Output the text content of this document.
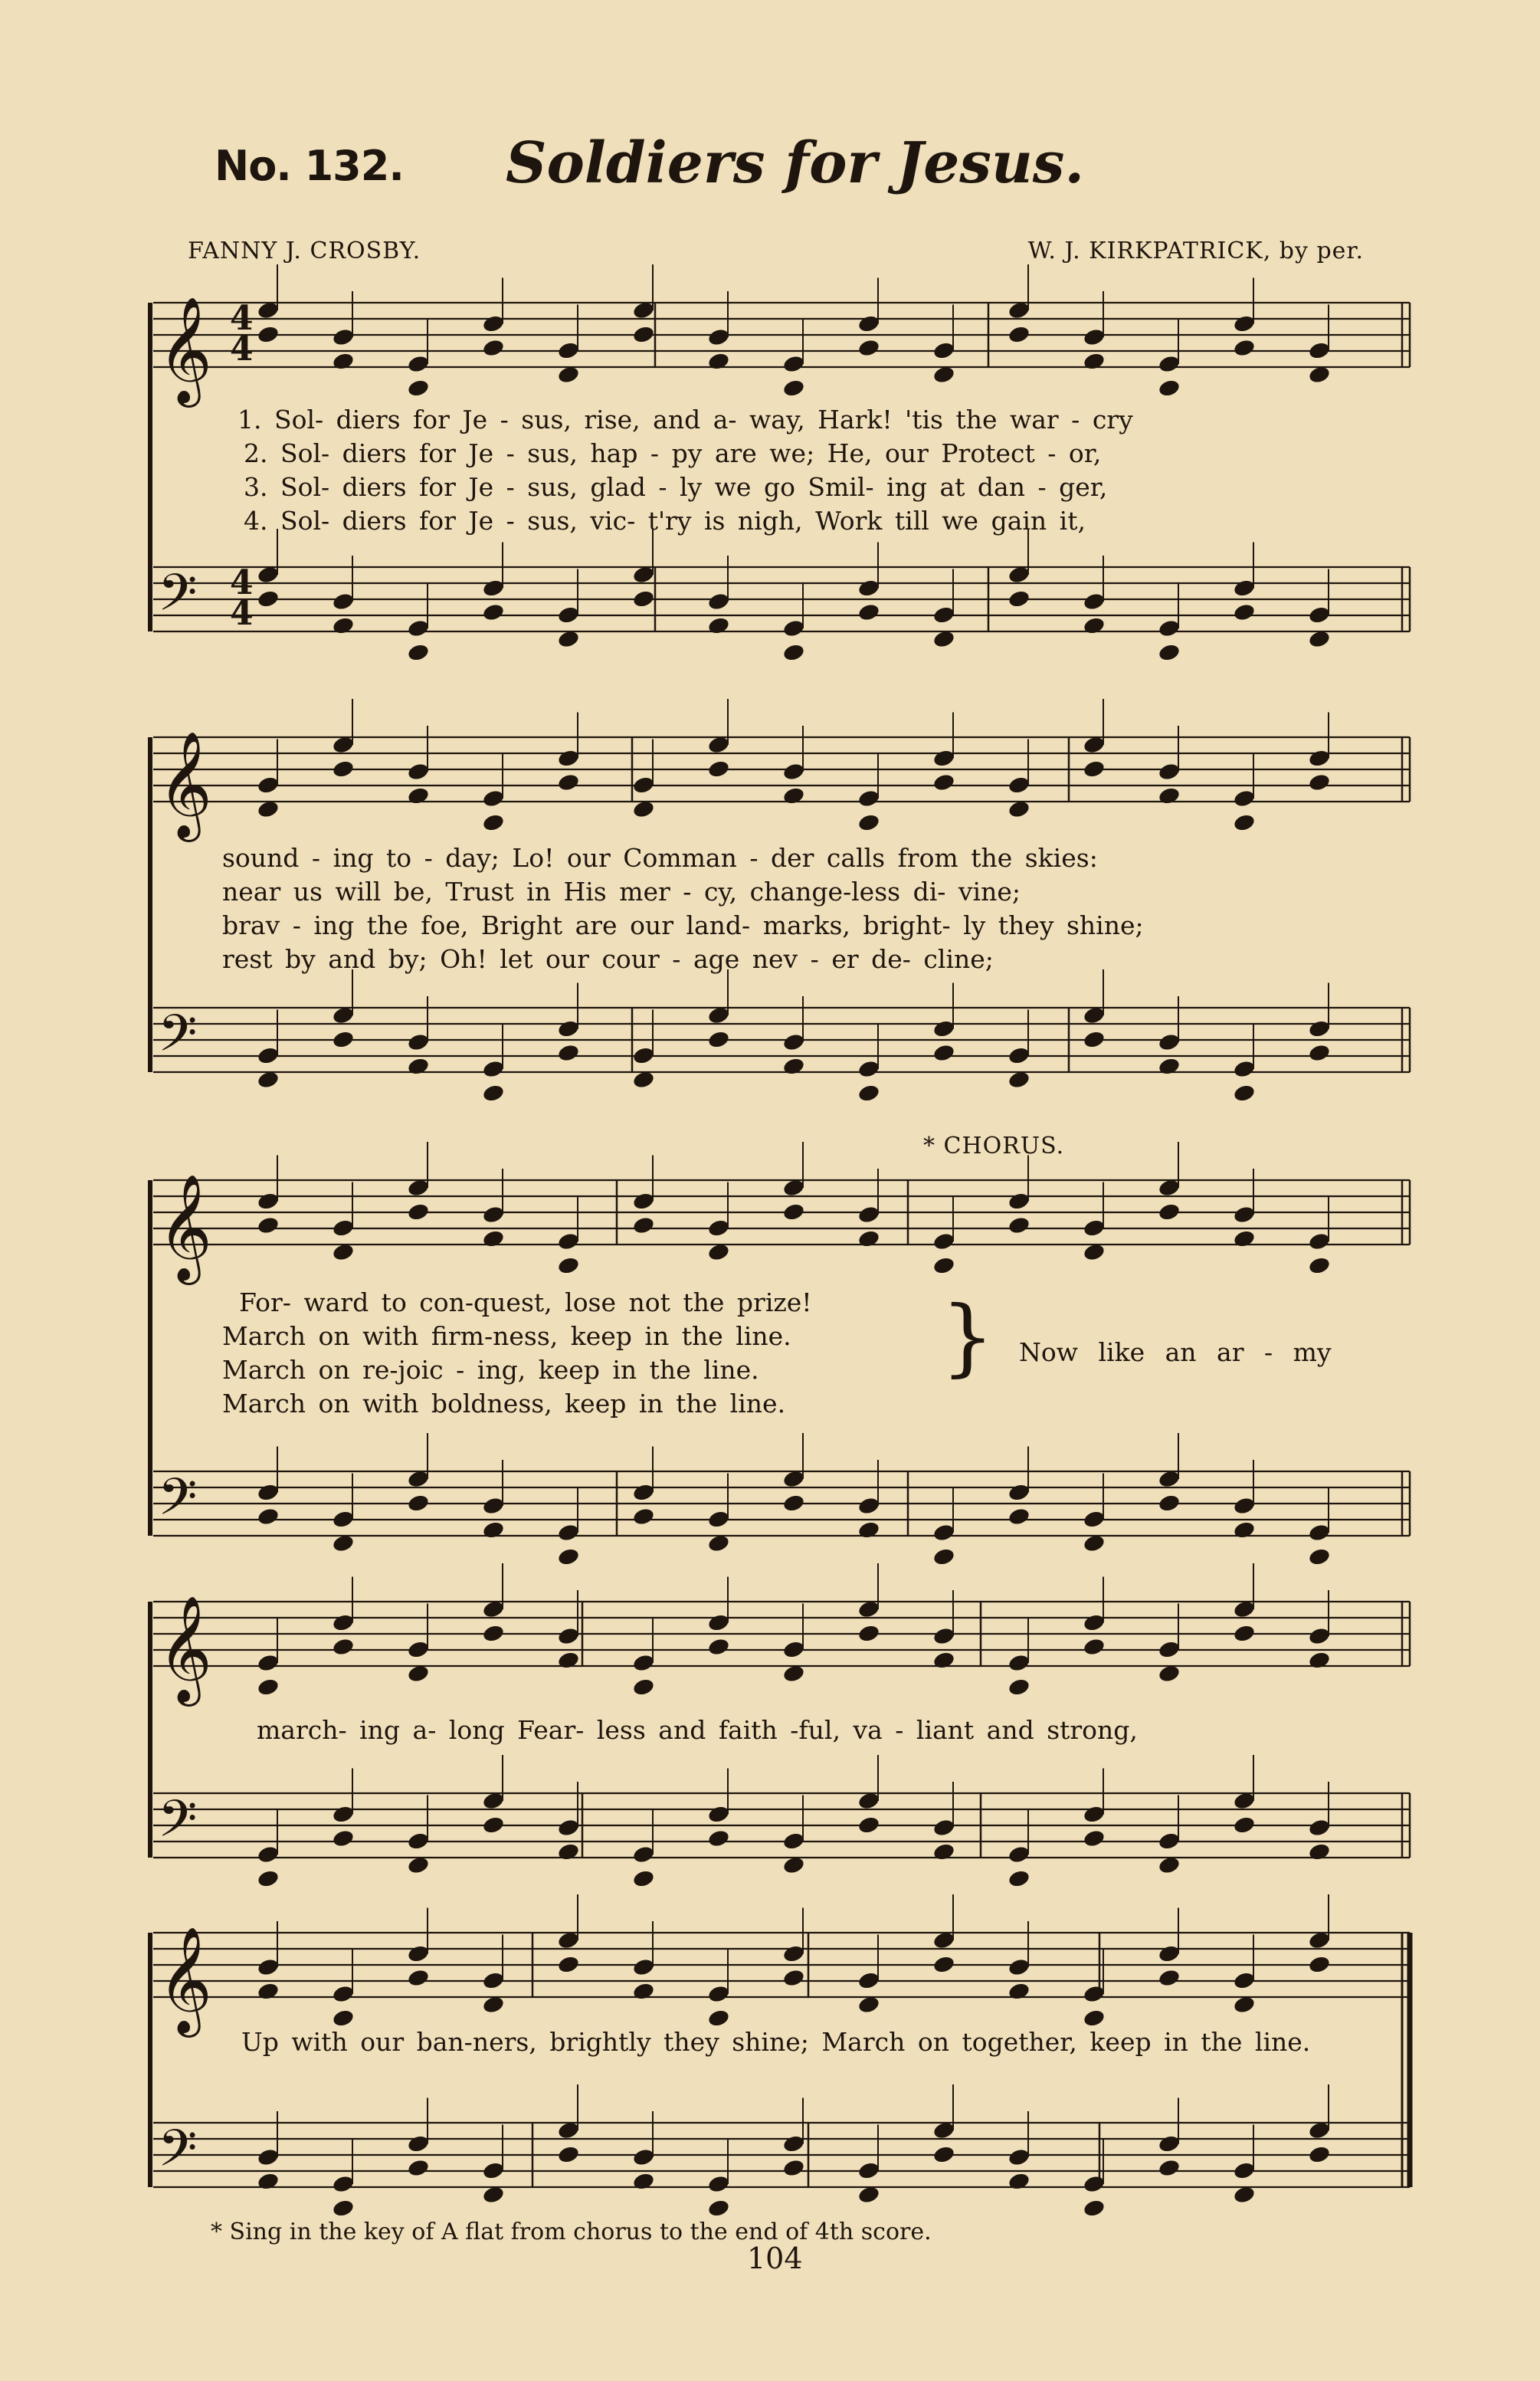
No. 132. Soldiers for Jesus.
FANNY J. CROSBY.	W. J. KIRKPATRICK, by per.
𝄞
𝄢
𝄞
𝄢
𝄞
𝄢
𝄞
𝄢
𝄞
𝄢
4
4
4
4
1. Sol- diers for Je - sus, rise, and a- way, Hark! 'tis the war - cry
2. Sol- diers for Je - sus, hap - py are we; He, our Protect - or,
3. Sol- diers for Je - sus, glad - ly we go Smil- ing at dan - ger,
4. Sol- diers for Je - sus, vic- t'ry is nigh, Work till we gain it,
sound - ing to - day; Lo! our Comman - der calls from the skies:
near us will be, Trust in His mer - cy, change-less di- vine;
brav - ing the foe, Bright are our land- marks, bright- ly they shine;
rest by and by; Oh! let our cour - age nev - er de- cline;
* CHORUS.
For- ward to con-quest, lose not the prize!
March on with firm-ness, keep in the line.
March on re-joic - ing, keep in the line.
March on with boldness, keep in the line.
} Now like an ar - my
march- ing a- long Fear- less and faith -ful, va - liant and strong,
Up with our ban-ners, brightly they shine; March on together, keep in the line.
* Sing in the key of A flat from chorus to the end of 4th score.
104
